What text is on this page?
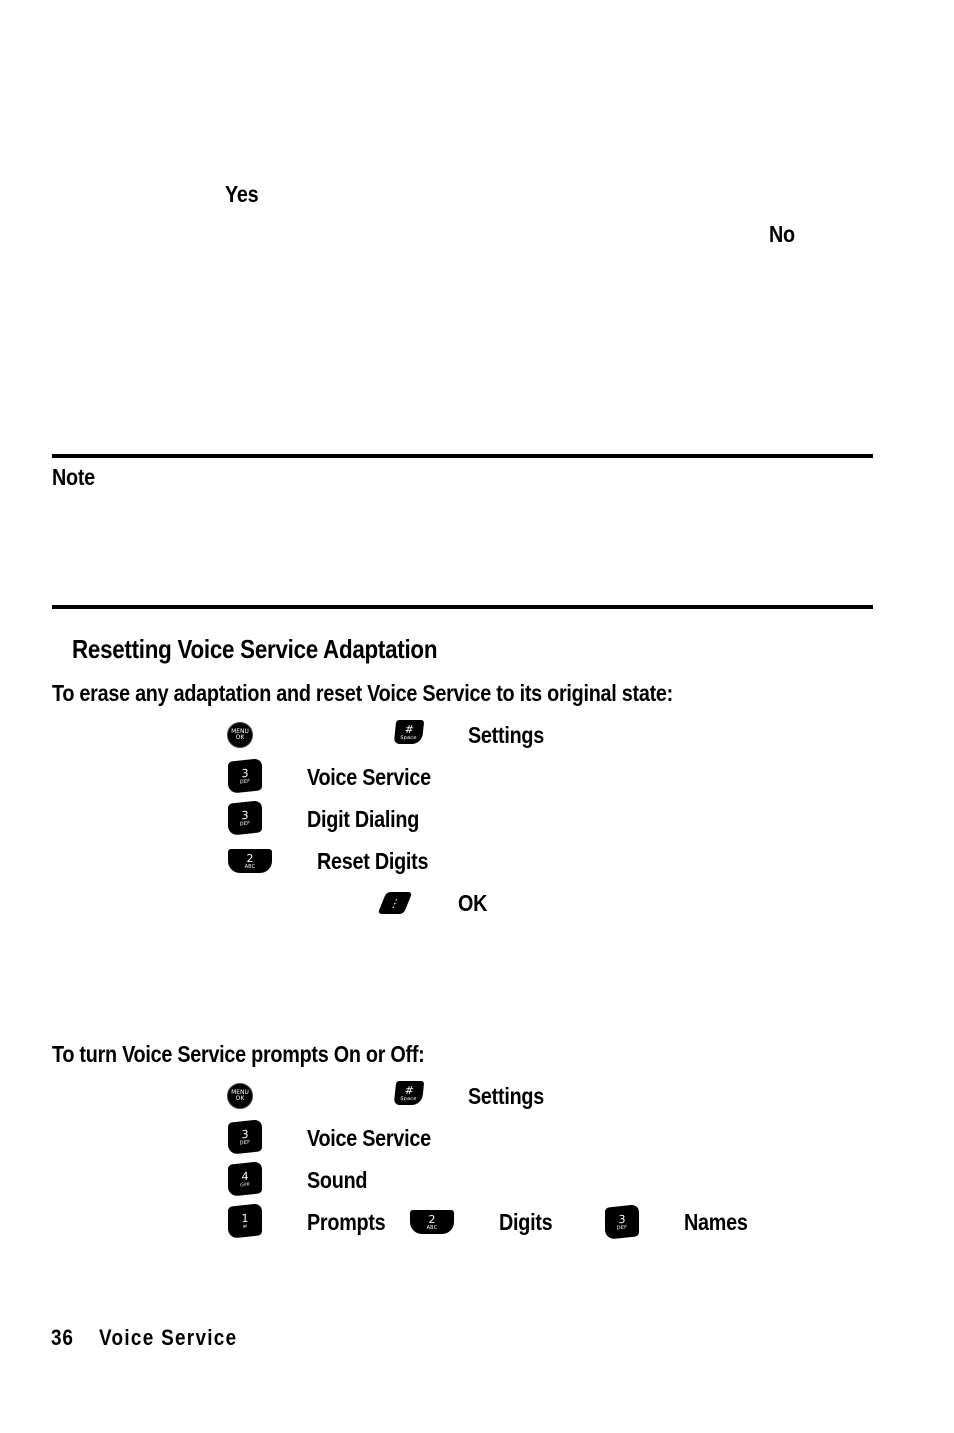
Yes
No
Note
Resetting Voice Service Adaptation
To erase any adaptation and reset Voice Service to its original state:
MENU
OK
#
Space Settings
3
DEF Voice Service
3
DEF Digit Dialing
2
ABC	Reset Digits
⋮ OK
To turn Voice Service prompts On or Off:
MENU
OK
#
Space Settings
3
DEF Voice Service
4
GHI Sound
1
✉	Prompts	2
ABC	Digits	3
DEF Names
36 Voice Service
